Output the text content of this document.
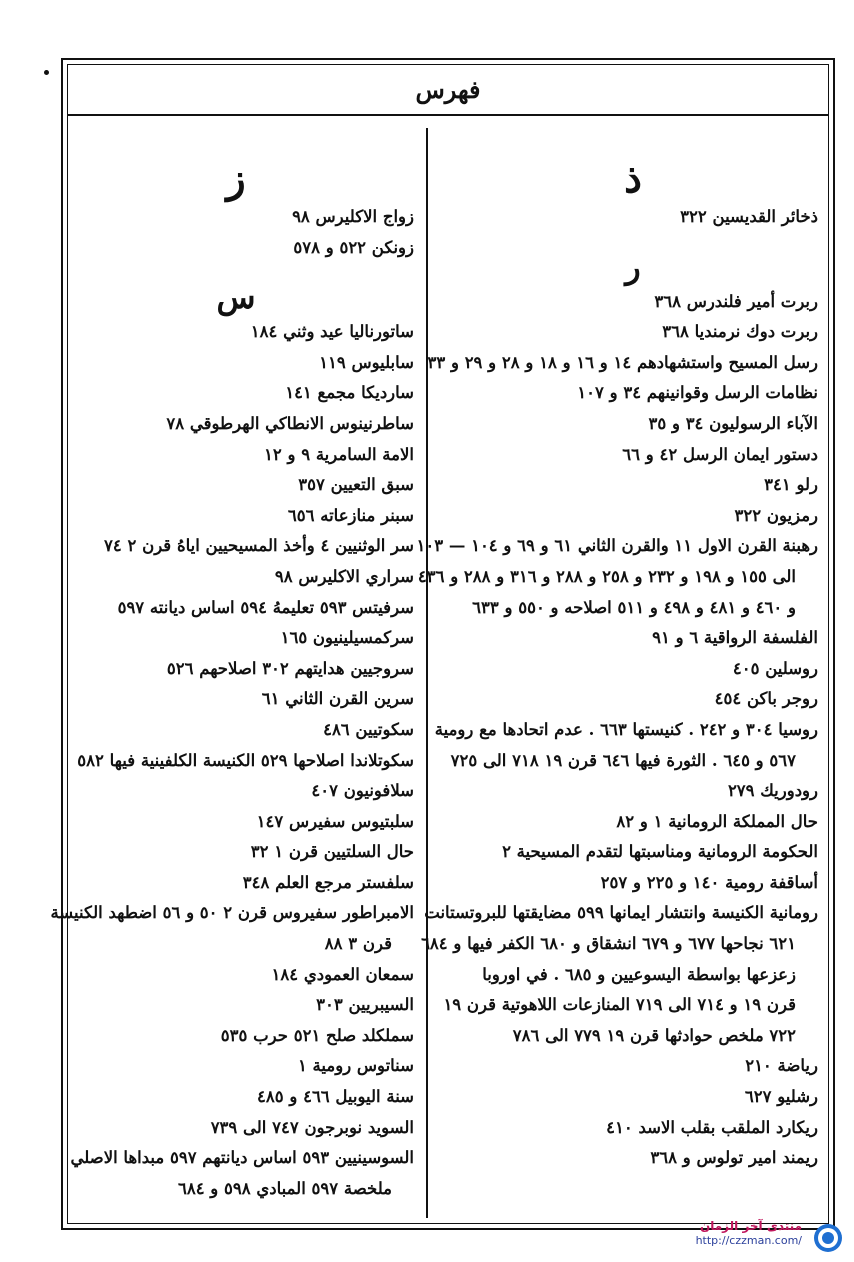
فهرس
ذ
ذخائر القديسين ٣٢٢
ر
ربرت أمير فلندرس ٣٦٨
ربرت دوك نرمنديا ٣٦٨
رسل المسيح واستشهادهم ١٤ و ١٦ و ١٨ و ٢٨ و ٢٩ و ٣٣
نظامات الرسل وقوانينهم ٣٤ و ١٠٧
الآباء الرسوليون ٣٤ و ٣٥
دستور ايمان الرسل ٤٢ و ٦٦
رلو ٣٤١
رمزيون ٣٢٢
رهبنة القرن الاول ١١ والقرن الثاني ٦١ و ٦٩ و ١٠٤ — ١٠٣
الى ١٥٥ و ١٩٨ و ٢٣٢ و ٢٥٨ و ٢٨٨ و ٣١٦ و ٢٨٨ و ٤٣٦
و ٤٦٠ و ٤٨١ و ٤٩٨ و ٥١١ اصلاحه و ٥٥٠ و ٦٣٣
الفلسفة الرواقية ٦ و ٩١
روسلين ٤٠٥
روجر باكن ٤٥٤
روسيا ٣٠٤ و ٢٤٢ . كنيستها ٦٦٣ . عدم اتحادها مع رومية
٥٦٧ و ٦٤٥ . الثورة فيها ٦٤٦ قرن ١٩ ٧١٨ الى ٧٢٥
رودوريك ٢٧٩
حال المملكة الرومانية ١ و ٨٢
الحكومة الرومانية ومناسبتها لتقدم المسيحية ٢
أساقفة رومية ١٤٠ و ٢٢٥ و ٢٥٧
رومانية الكنيسة وانتشار ايمانها ٥٩٩ مضايقتها للبروتستانت
٦٢١ نجاحها ٦٧٧ و ٦٧٩ انشقاق و ٦٨٠ الكفر فيها و ٦٨٤
زعزعها بواسطة اليسوعيين و ٦٨٥ . في اوروبا
قرن ١٩ و ٧١٤ الى ٧١٩ المنازعات اللاهوتية قرن ١٩
٧٢٢ ملخص حوادثها قرن ١٩ ٧٧٩ الى ٧٨٦
رياضة ٢١٠
رشليو ٦٢٧
ريكارد الملقب بقلب الاسد ٤١٠
ريمند امير تولوس و ٣٦٨
ز
زواج الاكليرس ٩٨
زونكن ٥٢٢ و ٥٧٨
س
ساتورناليا عيد وثني ١٨٤
سابليوس ١١٩
ساردیکا مجمع ١٤١
ساطرنينوس الانطاكي الهرطوقي ٧٨
الامة السامرية ٩ و ١٢
سبق التعيين ٣٥٧
سبنر منازعاته ٦٥٦
سر الوثنيين ٤ وأخذ المسيحيين اياهُ قرن ٢ ٧٤
سراري الاكليرس ٩٨
سرفيتس ٥٩٣ تعليمهُ ٥٩٤ اساس ديانته ٥٩٧
سركمسيلينيون ١٦٥
سروجيين هدايتهم ٣٠٢ اصلاحهم ٥٢٦
سرين القرن الثاني ٦١
سكوتيين ٤٨٦
سكوتلاندا اصلاحها ٥٢٩ الكنيسة الكلفينية فيها ٥٨٢
سلافونيون ٤٠٧
سلبتيوس سفيرس ١٤٧
حال السلتيين قرن ١ ٣٢
سلفستر مرجع العلم ٣٤٨
الامبراطور سفيروس قرن ٢ ٥٠ و ٥٦ اضطهد الكنيسة
قرن ٣ ٨٨
سمعان العمودي ١٨٤
السيبريين ٣٠٣
سملكلد صلح ٥٢١ حرب ٥٣٥
سناتوس رومية ١
سنة اليوبيل ٤٦٦ و ٤٨٥
السويد نوبرجون ٧٤٧ الى ٧٣٩
السوسينيين ٥٩٣ اساس ديانتهم ٥٩٧ مبداها الاصلي
ملخصة ٥٩٧ المبادي ٥٩٨ و ٦٨٤
منتدى آخر الزمان
http://czzman.com/
